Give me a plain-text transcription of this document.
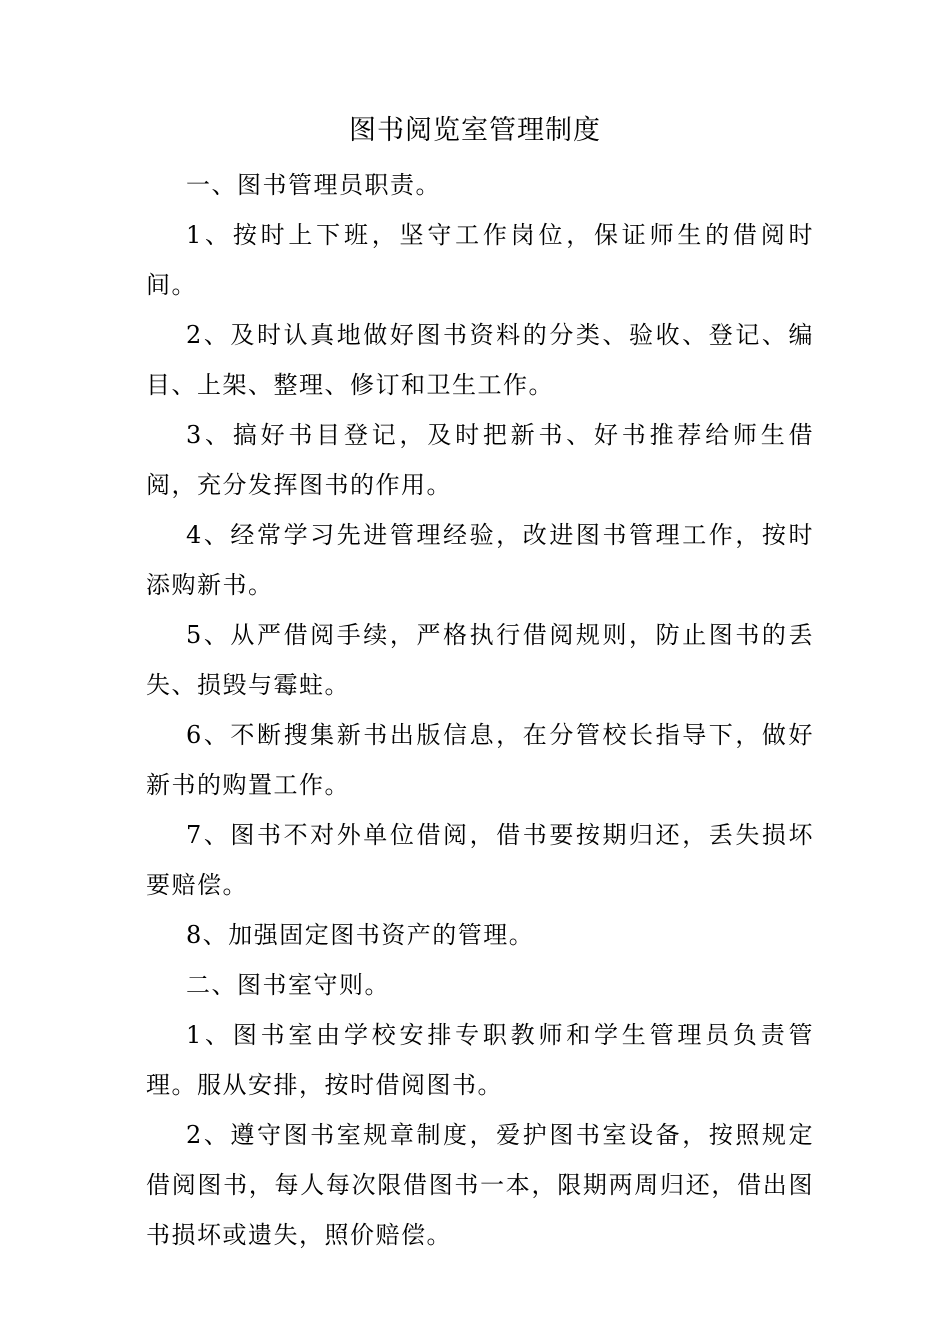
图书阅览室管理制度

一、图书管理员职责。

1、按时上下班，坚守工作岗位，保证师生的借阅时间。

2、及时认真地做好图书资料的分类、验收、登记、编目、上架、整理、修订和卫生工作。

3、搞好书目登记，及时把新书、好书推荐给师生借阅，充分发挥图书的作用。

4、经常学习先进管理经验，改进图书管理工作，按时添购新书。

5、从严借阅手续，严格执行借阅规则，防止图书的丢失、损毁与霉蛀。

6、不断搜集新书出版信息，在分管校长指导下，做好新书的购置工作。

7、图书不对外单位借阅，借书要按期归还，丢失损坏要赔偿。

8、加强固定图书资产的管理。

二、图书室守则。

1、图书室由学校安排专职教师和学生管理员负责管理。服从安排，按时借阅图书。

2、遵守图书室规章制度，爱护图书室设备，按照规定借阅图书，每人每次限借图书一本，限期两周归还，借出图书损坏或遗失，照价赔偿。
